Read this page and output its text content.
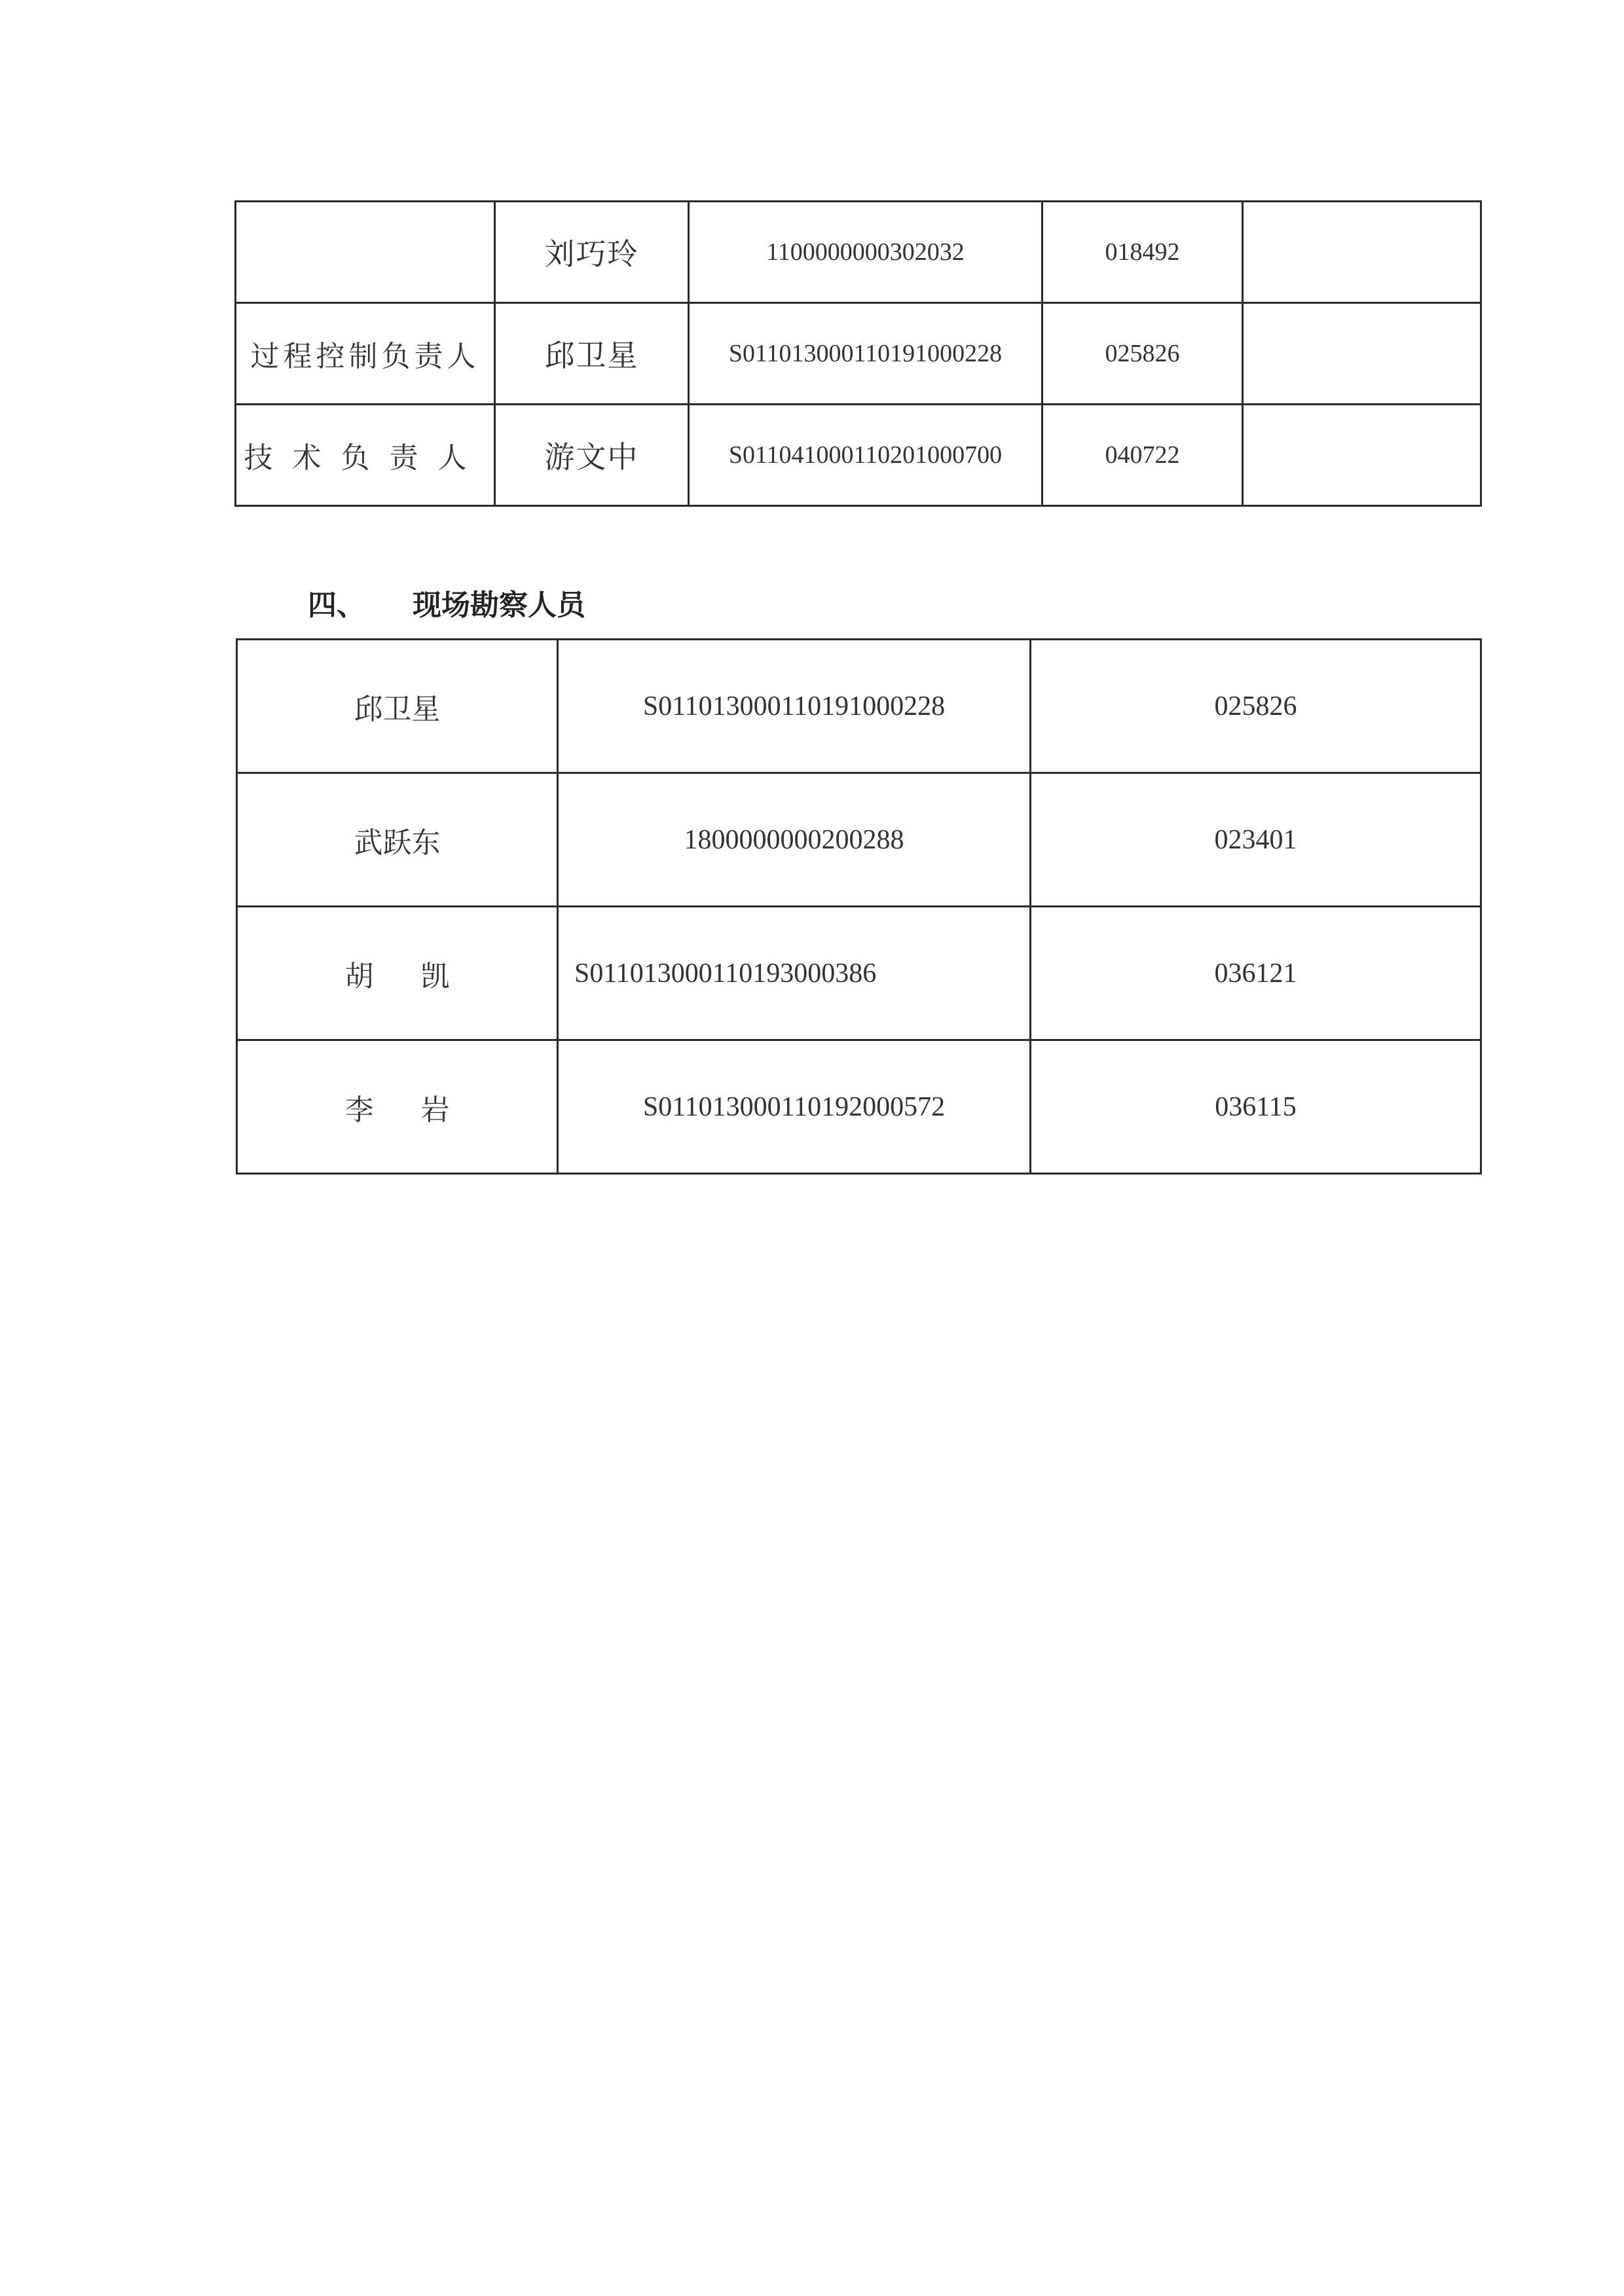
	刘巧玲	1100000000302032	018492	
过程控制负责人	邱卫星	S011013000110191000228	025826	
技术负责人	游文中	S011041000110201000700	040722	
四、 现场勘察人员
邱卫星	S011013000110191000228	025826
武跃东	1800000000200288	023401
胡凯	S011013000110193000386	036121
李岩	S011013000110192000572	036115
